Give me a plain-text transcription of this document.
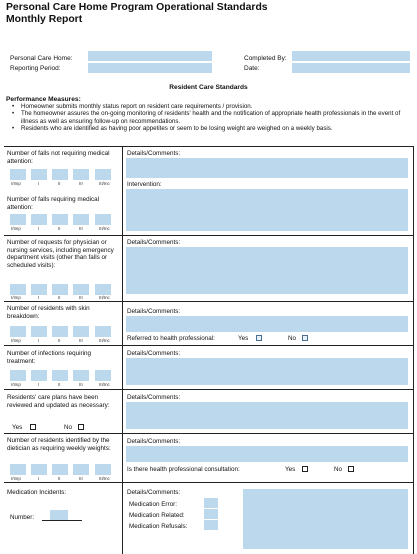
Personal Care Home Program Operational Standards
Monthly Report
Personal Care Home:
Reporting Period:
Completed By:
Date:
Resident Care Standards
Performance Measures:
• Homeowner submits monthly status report on resident care requirements / provision.
• The homeowner assures the on-going monitoring of residents' health and the notification of appropriate health professionals in the event of illness as well as ensuring follow-up on recommendations.
• Residents who are identified as having poor appetites or seem to be losing weight are weighed on a weekly basis.
Number of falls not requiring medical attention:
I/Imp	I	II	III	III/Inc
Number of falls requiring medical attention:
I/Imp	I	II	III	III/Inc
Details/Comments:
Intervention:
Number of requests for physician or nursing services, including emergency department visits (other than falls or scheduled visits):
I/Imp	I	II	III	III/Inc
Details/Comments:
Number of residents with skin breakdown:
I/Imp	I	II	III	III/Inc
Details/Comments:
Referred to health professional:	Yes	No
Number of infections requiring treatment:
I/Imp	I	II	III	III/Inc
Details/Comments:
Residents' care plans have been reviewed and updated as necessary:
Yes	No
Details/Comments:
Number of residents identified by the dietician as requiring weekly weights:
I/Imp	I	II	III	III/Inc
Details/Comments:
Is there health professional consultation:	Yes	No
Medication Incidents:
Number:
Details/Comments:
Medication Error:
Medication Related:
Medication Refusals:
